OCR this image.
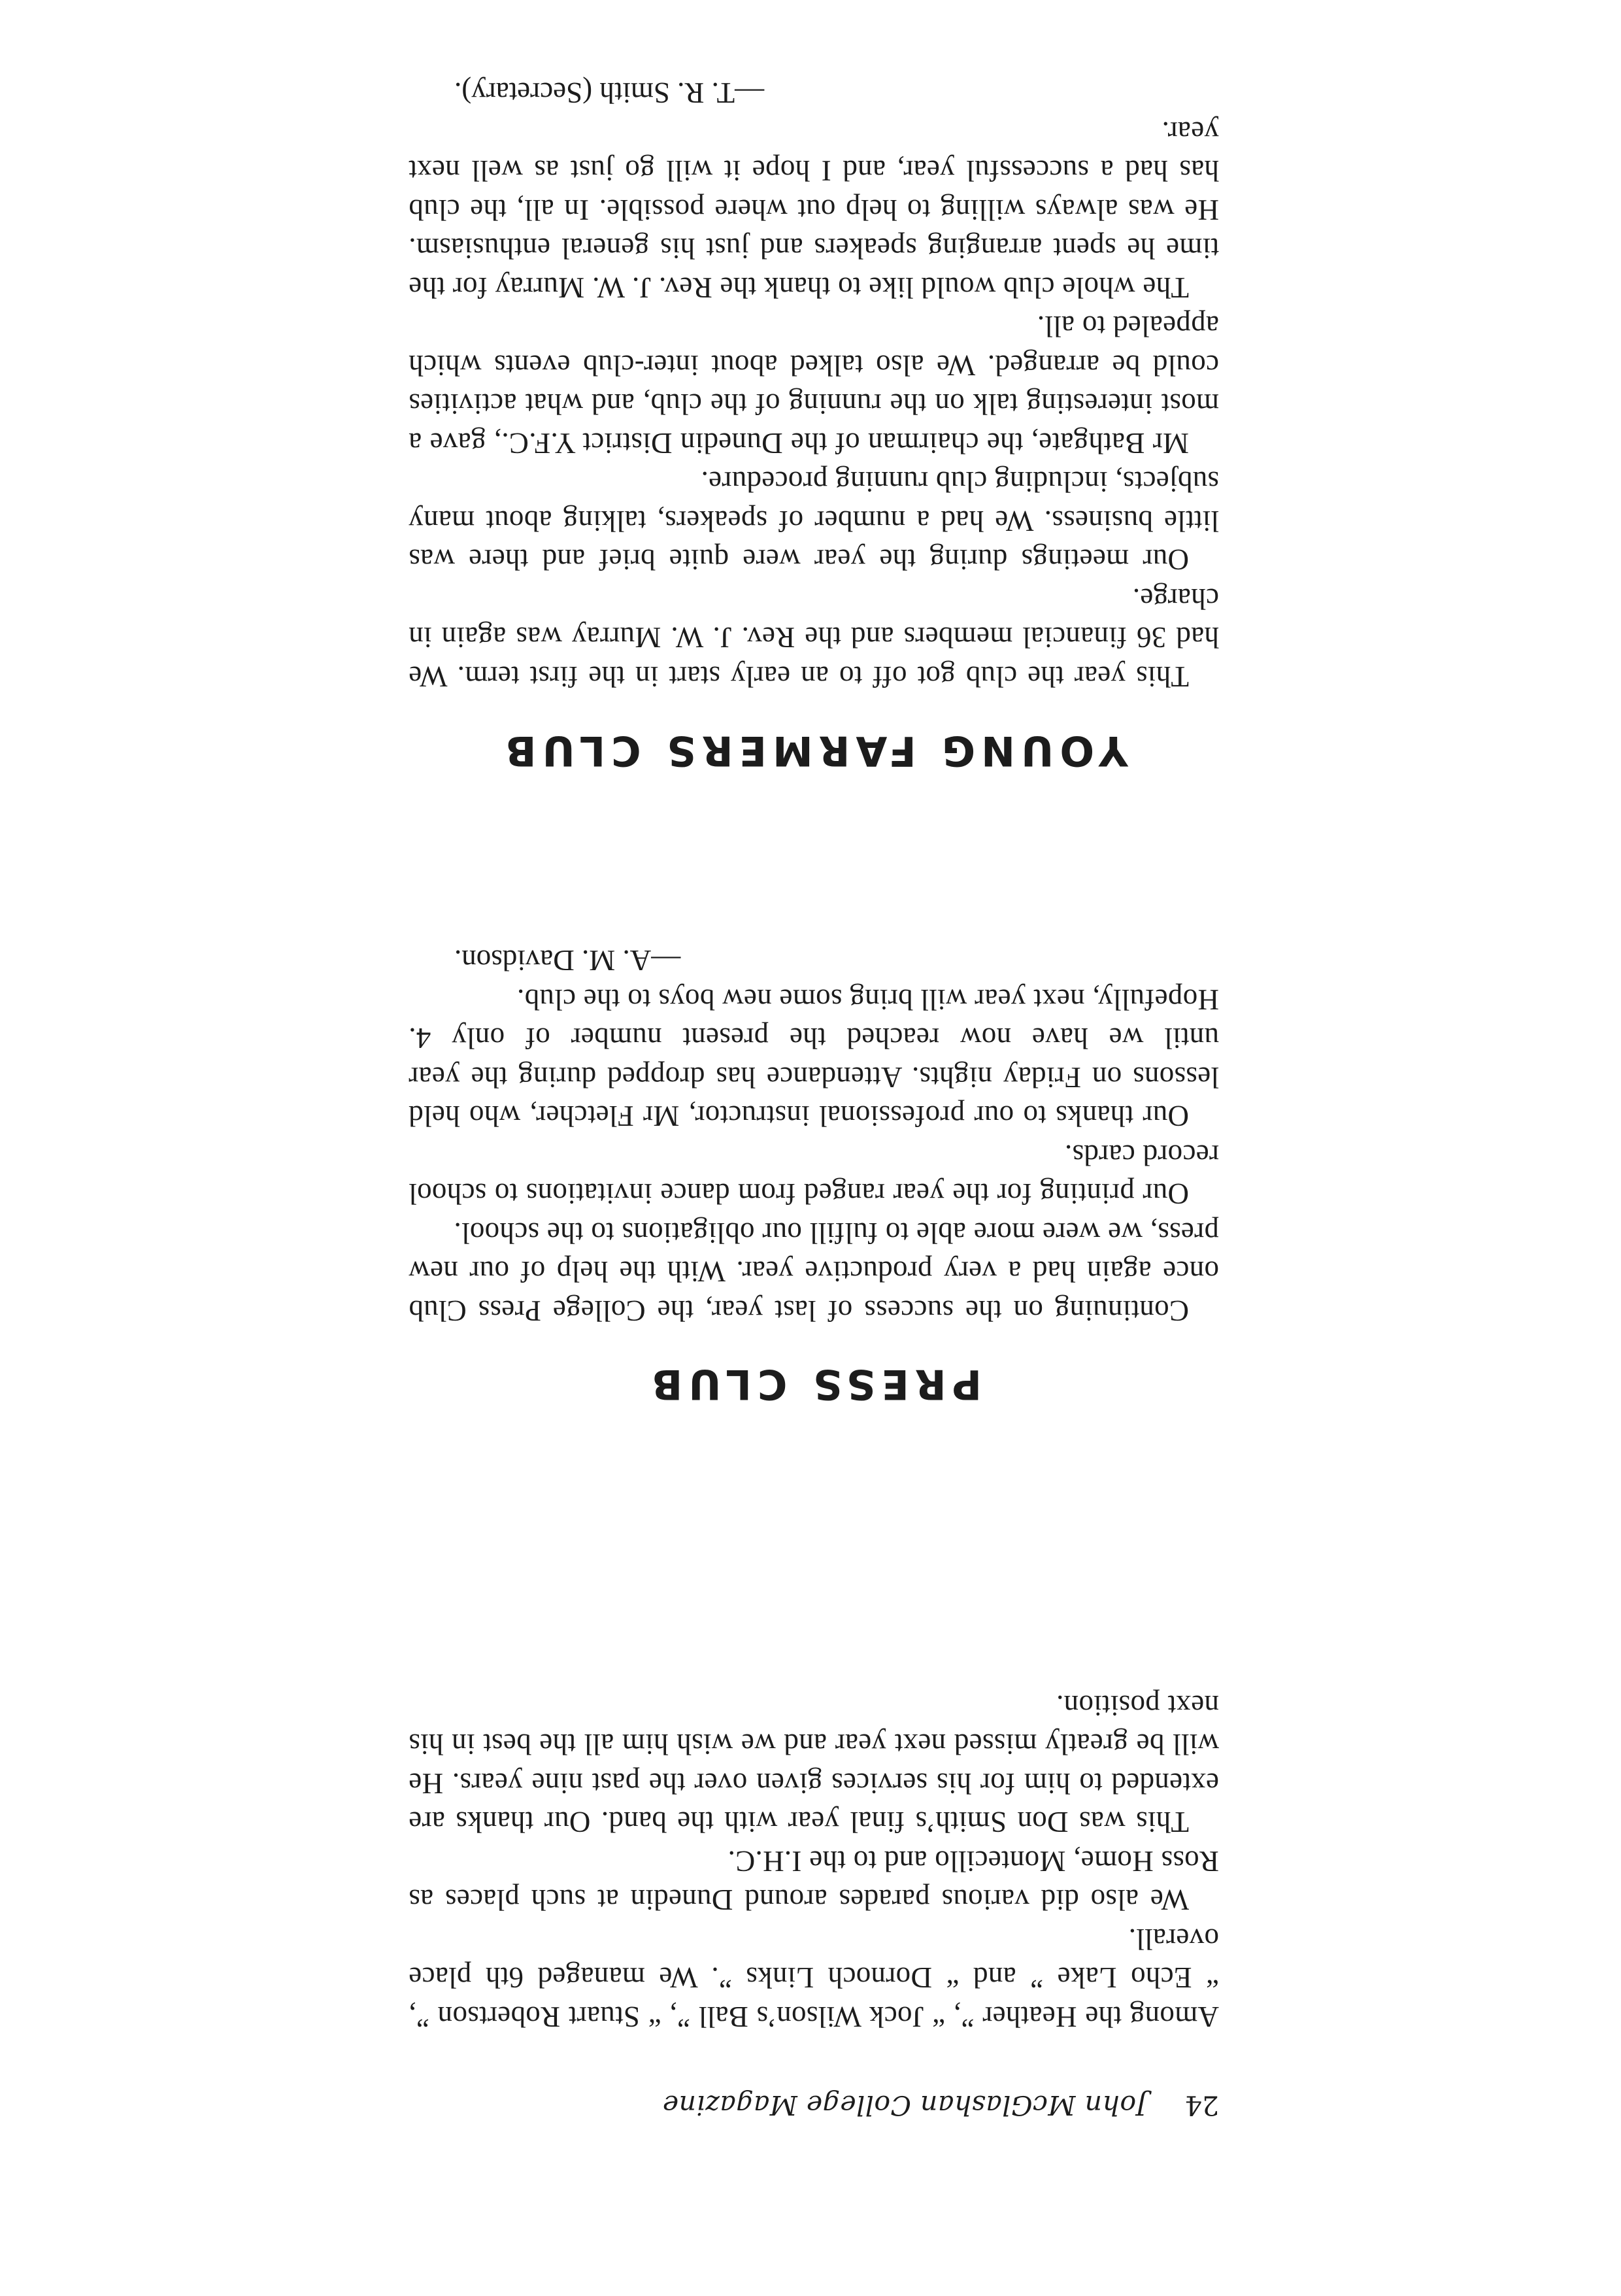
24
John McGlashan College Magazine

Among the Heather ”, “ Jock Wilson’s Ball ”, “ Stuart Robertson ”, “ Echo Lake ” and “ Dornoch Links ”. We managed 6th place overall.

We also did various parades around Dunedin at such places as Ross Home, Montecillo and to the I.H.C.

This was Don Smith’s final year with the band. Our thanks are extended to him for his services given over the past nine years. He will be greatly missed next year and we wish him all the best in his next position.

PRESS CLUB

Continuing on the success of last year, the College Press Club once again had a very productive year. With the help of our new press, we were more able to fulfill our obligations to the school.

Our printing for the year ranged from dance invitations to school record cards.

Our thanks to our professional instructor, Mr Fletcher, who held lessons on Friday nights. Attendance has dropped during the year until we have now reached the present number of only 4. Hopefully, next year will bring some new boys to the club.

—A. M. Davidson.

YOUNG FARMERS CLUB

This year the club got off to an early start in the first term. We had 36 financial members and the Rev. J. W. Murray was again in charge.

Our meetings during the year were quite brief and there was little business. We had a number of speakers, talking about many subjects, including club running procedure.

Mr Bathgate, the chairman of the Dunedin District Y.F.C., gave a most interesting talk on the running of the club, and what activities could be arranged. We also talked about inter-club events which appealed to all.

The whole club would like to thank the Rev. J. W. Murray for the time he spent arranging speakers and just his general enthusiasm. He was always willing to help out where possible. In all, the club has had a successful year, and I hope it will go just as well next year.

—T. R. Smith (Secretary).
